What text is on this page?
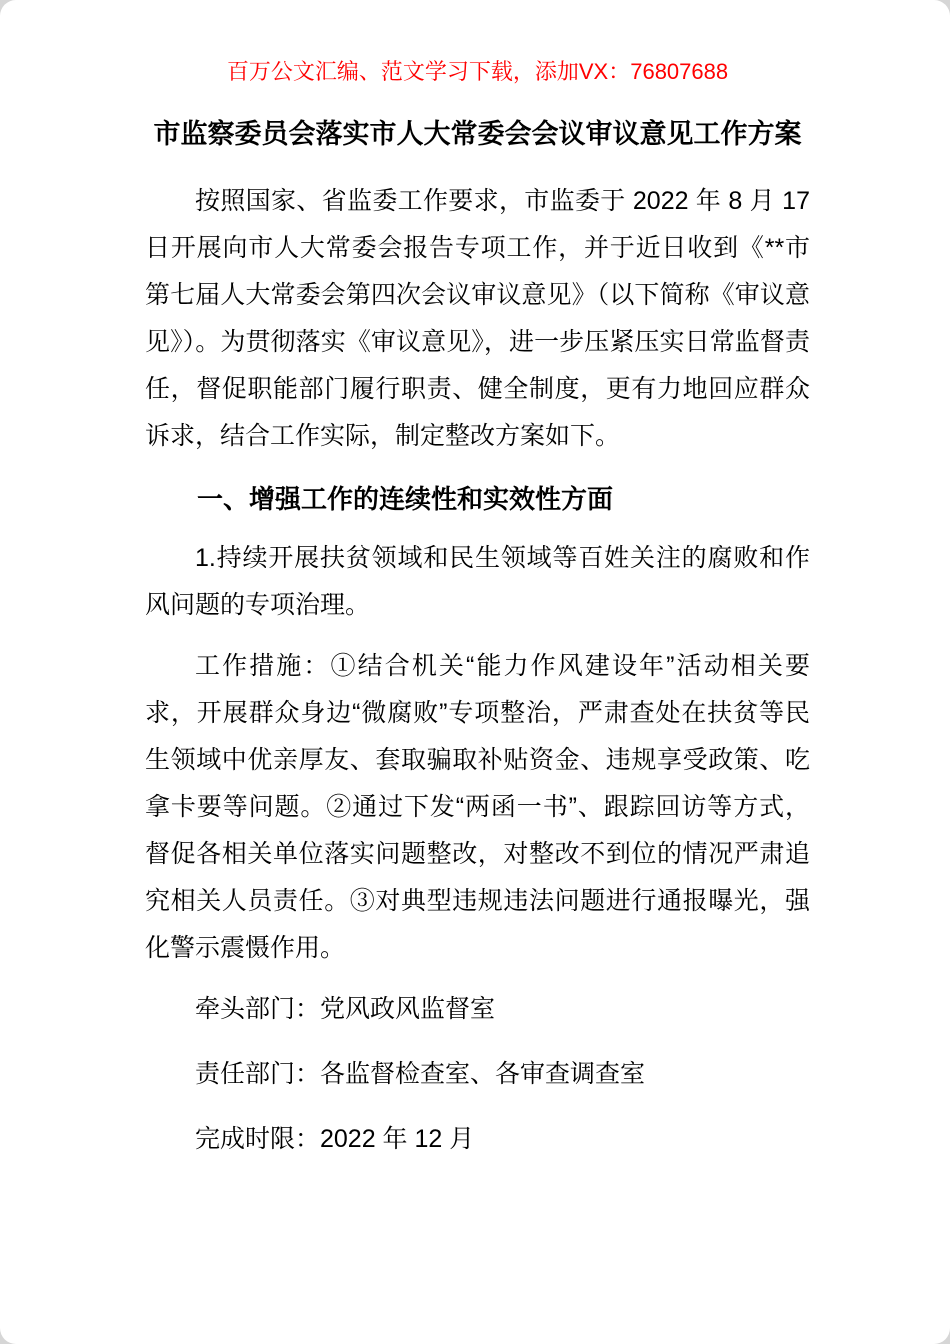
百万公文汇编、范文学习下载，添加VX：76807688

市监察委员会落实市人大常委会会议审议意见工作方案

按照国家、省监委工作要求，市监委于 2022 年 8 月 17 日开展向市人大常委会报告专项工作，并于近日收到《**市第七届人大常委会第四次会议审议意见》（以下简称《审议意见》）。为贯彻落实《审议意见》，进一步压紧压实日常监督责任，督促职能部门履行职责、健全制度，更有力地回应群众诉求，结合工作实际，制定整改方案如下。

一、增强工作的连续性和实效性方面

1.持续开展扶贫领域和民生领域等百姓关注的腐败和作风问题的专项治理。

工作措施：①结合机关“能力作风建设年”活动相关要求，开展群众身边“微腐败”专项整治，严肃查处在扶贫等民生领域中优亲厚友、套取骗取补贴资金、违规享受政策、吃拿卡要等问题。②通过下发“两函一书”、跟踪回访等方式，督促各相关单位落实问题整改，对整改不到位的情况严肃追究相关人员责任。③对典型违规违法问题进行通报曝光，强化警示震慑作用。

牵头部门：党风政风监督室

责任部门：各监督检查室、各审查调查室

完成时限：2022 年 12 月
